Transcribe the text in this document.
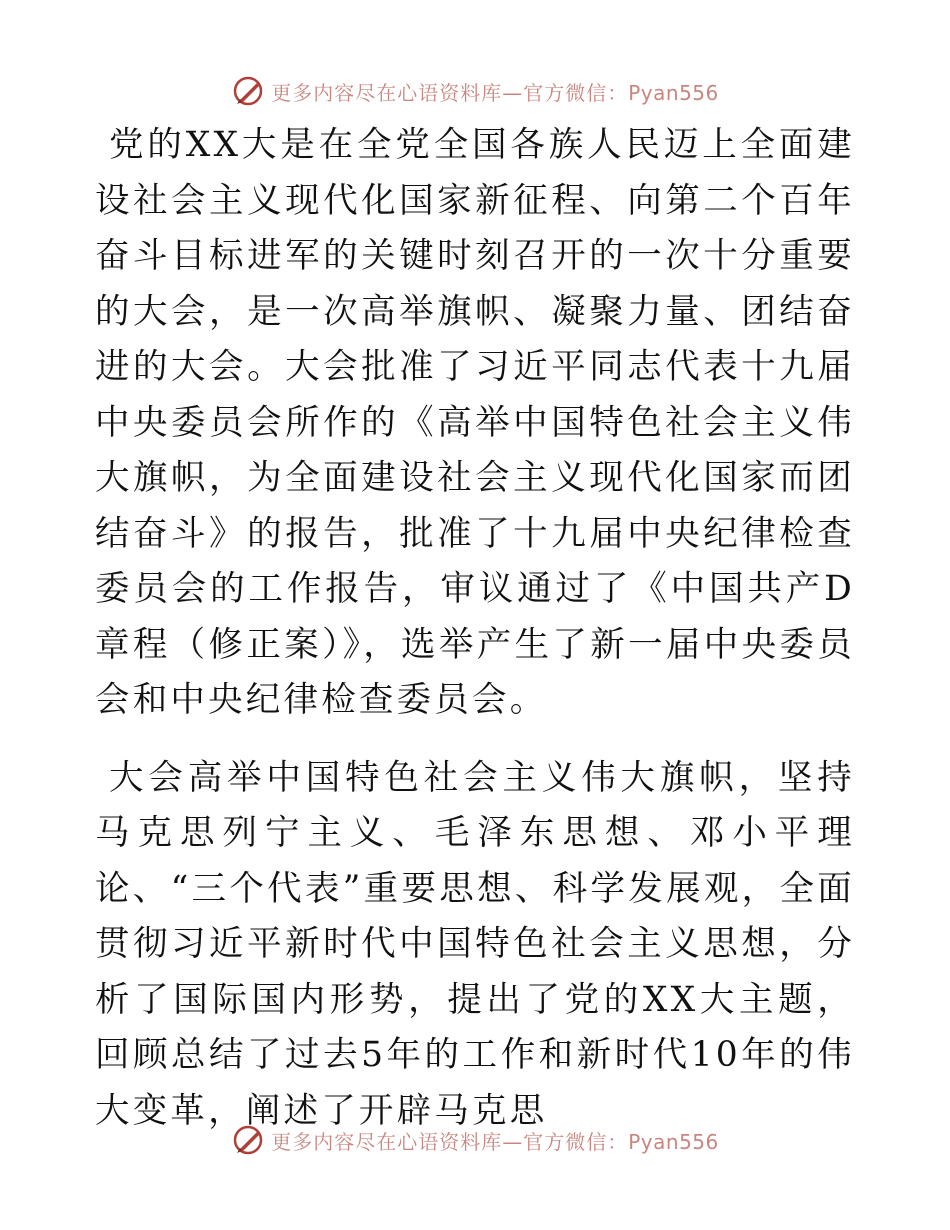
更多内容尽在心语资料库—官方微信：Pyan556

党的XX大是在全党全国各族人民迈上全面建设社会主义现代化国家新征程、向第二个百年奋斗目标进军的关键时刻召开的一次十分重要的大会，是一次高举旗帜、凝聚力量、团结奋进的大会。大会批准了习近平同志代表十九届中央委员会所作的《高举中国特色社会主义伟大旗帜，为全面建设社会主义现代化国家而团结奋斗》的报告，批准了十九届中央纪律检查委员会的工作报告，审议通过了《中国共产D章程（修正案）》，选举产生了新一届中央委员会和中央纪律检查委员会。

大会高举中国特色社会主义伟大旗帜，坚持马克思列宁主义、毛泽东思想、邓小平理论、“三个代表”重要思想、科学发展观，全面贯彻习近平新时代中国特色社会主义思想，分析了国际国内形势，提出了党的XX大主题，回顾总结了过去5年的工作和新时代10年的伟大变革，阐述了开辟马克思

更多内容尽在心语资料库—官方微信：Pyan556
